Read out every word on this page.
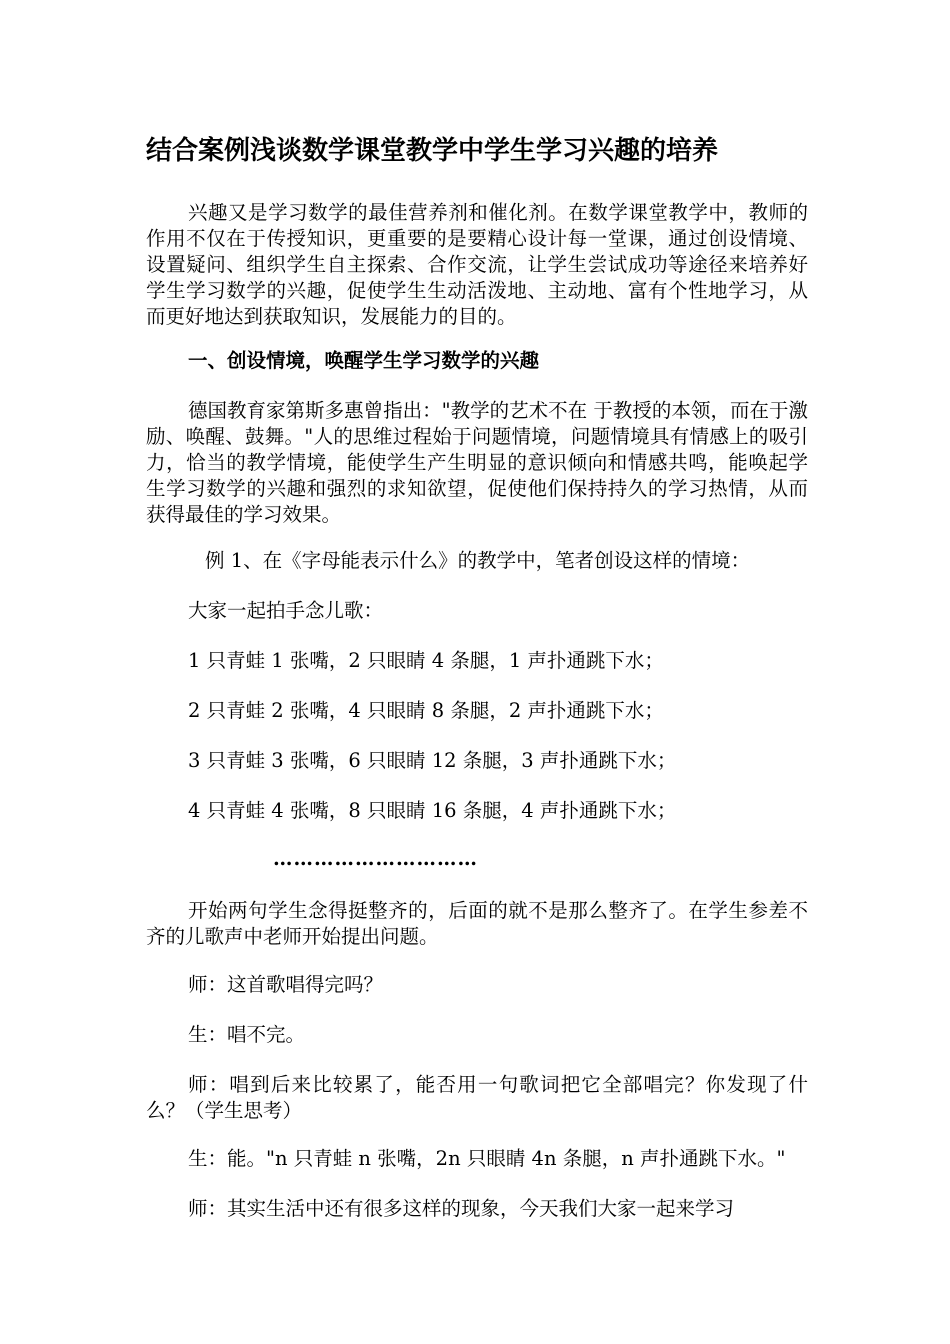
结合案例浅谈数学课堂教学中学生学习兴趣的培养
兴趣又是学习数学的最佳营养剂和催化剂。在数学课堂教学中，教师的作用不仅在于传授知识，更重要的是要精心设计每一堂课，通过创设情境、设置疑问、组织学生自主探索、合作交流，让学生尝试成功等途径来培养好学生学习数学的兴趣，促使学生生动活泼地、主动地、富有个性地学习，从而更好地达到获取知识，发展能力的目的。
一、创设情境，唤醒学生学习数学的兴趣
德国教育家第斯多惠曾指出："教学的艺术不在 于教授的本领，而在于激励、唤醒、鼓舞。"人的思维过程始于问题情境，问题情境具有情感上的吸引力，恰当的教学情境，能使学生产生明显的意识倾向和情感共鸣，能唤起学生学习数学的兴趣和强烈的求知欲望，促使他们保持持久的学习热情，从而获得最佳的学习效果。
例 1、在《字母能表示什么》的教学中，笔者创设这样的情境：
大家一起拍手念儿歌：
1 只青蛙 1 张嘴，2 只眼睛 4 条腿，1 声扑通跳下水；
2 只青蛙 2 张嘴，4 只眼睛 8 条腿，2 声扑通跳下水；
3 只青蛙 3 张嘴，6 只眼睛 12 条腿，3 声扑通跳下水；
4 只青蛙 4 张嘴，8 只眼睛 16 条腿，4 声扑通跳下水；
…………………………
开始两句学生念得挺整齐的，后面的就不是那么整齐了。在学生参差不齐的儿歌声中老师开始提出问题。
师：这首歌唱得完吗？
生：唱不完。
师：唱到后来比较累了，能否用一句歌词把它全部唱完？你发现了什么？（学生思考）
生：能。"n 只青蛙 n 张嘴，2n 只眼睛 4n 条腿，n 声扑通跳下水。"
师：其实生活中还有很多这样的现象，今天我们大家一起来学习
